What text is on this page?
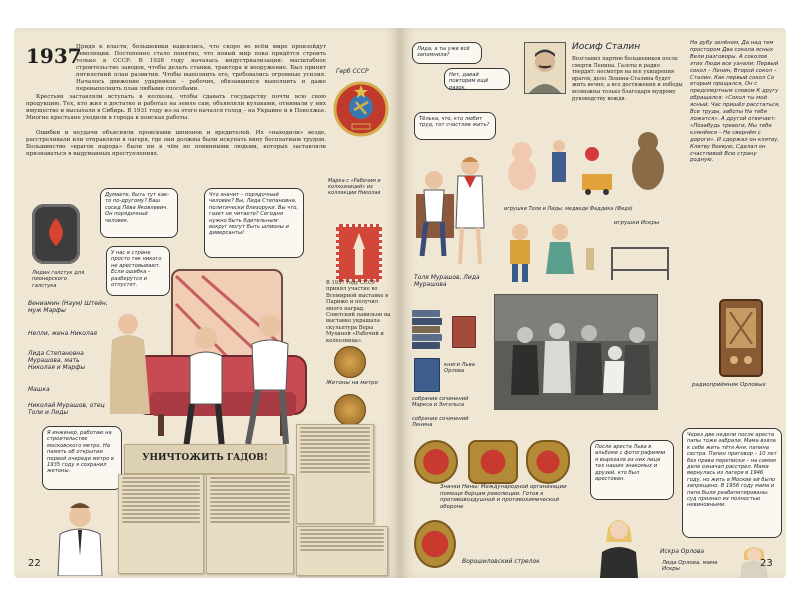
1937
Придя к власти, большевики надеялись, что скоро во всём мире произойдут революции. Постепенно стало понятно, что новый мир пока придётся строить только в СССР. В 1928 году началась индустриализация: масштабное строительство заводов, чтобы делать станки, трактора и вооружение. Был принят пятилетний план развития. Чтобы выполнить его, требовались огромные усилия. Началось движение ударников – рабочих, обязавшихся выполнить и даже перевыполнить план любыми способами.
Крестьян заставляли вступать в колхозы, чтобы сдавать государству почти всю свою продукцию. Тех, кто жил в достатке и работал на земле сам, объявляли кулаками, отнимали у них имущество и высылали в Сибирь. В 1931 году из-за этого начался голод – на Украине и в Поволжье. Многие крестьяне уходили в города в поисках работы.
Ошибки и неудачи объясняли происками шпионов и вредителей. Их «находили» везде, расстреливали или отправляли в лагеря, где они должны были искупать вину бесплатным трудом. Большинство «врагов народа» были ни в чём не повинными людьми, которых заставляли признаваться в выдуманных преступлениях.
Герб СССР
Марка с «Рабочим и колхозницей» из коллекции Николая
В 1937 году СССР принял участие во Всемирной выставке в Париже и получил много наград. Советский павильон на выставке украшала скульптура Веры Мухиной «Рабочий и колхозница».
Жетоны на метро
Лидин галстук для пионерского галстука
Думаете, быть тут как-то по-другому? Ваш сосед Лёва Яковлевич. Он порядочный человек.
Что значит – порядочный человек? Вы, Лида Степановна, политически близоруки. Вы что, газет не читаете? Сегодня нужно быть бдительным: вокруг могут быть шпионы и диверсанты!
У нас в стране просто так никого не арестовывают. Если ошибка – разберутся и отпустят.
Вениамин (Наум) Штейн, муж Марфы
Нелли, жена Николая
Лида Степановна Мурашова, мать Николая и Марфы
Машка
Николай Мурашов, отец Толи и Лиды
Я инженер, работаю на строительстве московского метро. На память об открытии первой очереди метро в 1935 году я сохранил жетоны.
УНИЧТОЖИТЬ ГАДОВ!
22
Лида, а ты уже всё запомнила?
Нет, давай повторим ещё разок.
Тёлька, что, кто любит труд, тот счастлив жить?
Иосиф Сталин
Возглавил партию большевиков после смерти Ленина. Газеты и радио твердят: несмотря на все ухищрения врагов, дело Ленина-Сталина будет жить вечно, а все достижения и победы возможны только благодаря мудрому руководству вождя.
На дубу зелёном, Да над тем простором Два сокола ясных Вели разговоры. А соколов этих Люди все узнали: Первый сокол – Ленин, Второй сокол – Сталин. Как первый сокол Со вторым прощался, Он с предсмертным словом К другу обращался: «Сокол ты мой ясный, Час пришёл расстаться, Все труды, заботы На тебя ложатся». А другой отвечает: «Позабудь тревоги, Мы тебе клянёмся – Не свернём с дороги». И сдержал он клятву, Клятву боевую, Сделал он счастливой Всю страну родную.
Толя Мурашов, Лида Мурашова
игрушки Толи и Лиды: медведи Фаддика (Федя)
игрушки Искры
книги Льва Орлова
собрание сочинений Маркса и Энгельса
собрание сочинений Ленина
радиоприёмник Орловых
Значки Нины: Международной организации помощи борцам революции. Готов к противовоздушной и противохимической обороне
Ворошиловский стрелок
После ареста Льва в альбоме с фотографиями я вырезала из них лица тех наших знакомых и друзей, кто был арестован.
Через две недели после ареста папы тоже забрали. Мама взяла к себе жить тётя Аня, папина сестра. Папин приговор – 10 лет без права переписки – на самом деле означал расстрел. Мама вернулась из лагеря в 1946 году, но жить в Москве ей было запрещено. В 1956 году мама и папа были реабилитированы: суд признал их полностью невиновными.
Искра Орлова
Лида Орлова, мама Искры	23
